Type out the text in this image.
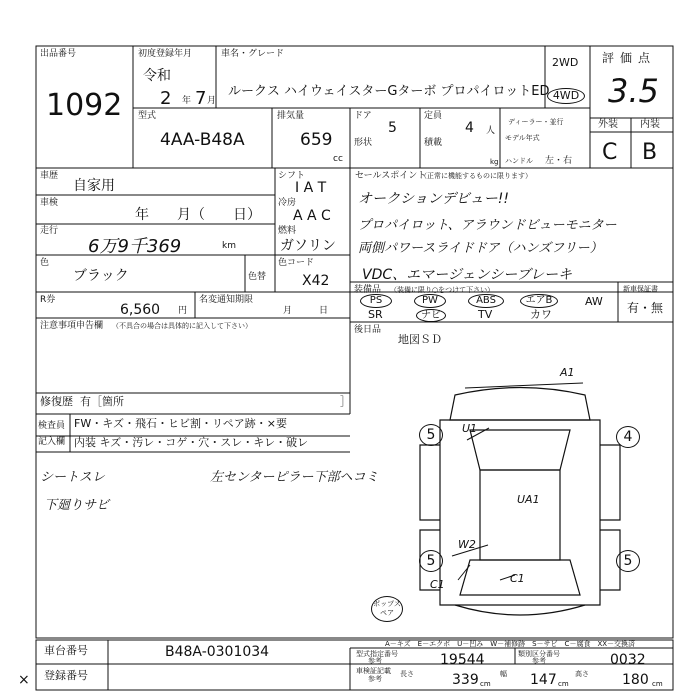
出品番号
1092
初度登録年月
令和
2 年 7 月
車名・グレード
ルークス ハイウェイスターGターボ プロパイロットED
2WD
4WD
評価点
3.5
外装 内装
C B
型式
4AA-B48A
排気量
659
cc
ドア
5
形状
定員
4 人
積載
kg
ディーラー・並行
モデル年式
ハンドル 左・右
車歴
自家用
シフト
I A T
車検
年　　月（　　日）
冷房
A A C
走行
6万9千369	km
燃料
ガソリン
色
ブラック	色替
色コード
X42
R券
6,560 円
名変通知期限
月　　　日
注意事項申告欄 （不具合の場合は具体的に記入して下さい）
修復歴 有［箇所	］
検査員
記入欄
FW・キズ・飛石・ヒビ割・リペア跡・×要
内装 キズ・汚レ・コゲ・穴・スレ・キレ・破レ
シートスレ
下廻りサビ
左センターピラー下部ヘコミ
セールスポイント
（正常に機能するものに限ります）
オークションデビュー!!
プロパイロット、アラウンドビューモニター
両側パワースライドドア（ハンズフリー）
VDC、エマージェンシーブレーキ
装備品 （装備に限り○をつけて下さい）
PS	PW	ABS	エアB	AW
SR	ナビ	TV	カワ
新車保証書
有・無
後日品
地図ＳＤ
A1
U1
UA1
W2
C1	C1
5	4
5	5
ポップスペア
A－キズ　E－エクボ　U－凹み　W－補修跡　S－サビ　C－腐食　XX－交換済
車台番号	B48A-0301034
登録番号
型式指定番号
参考	19544	類別区分番号
参考	0032
車検証記載
参考
長さ	339 cm
幅 147 cm
高さ 180 cm
×
